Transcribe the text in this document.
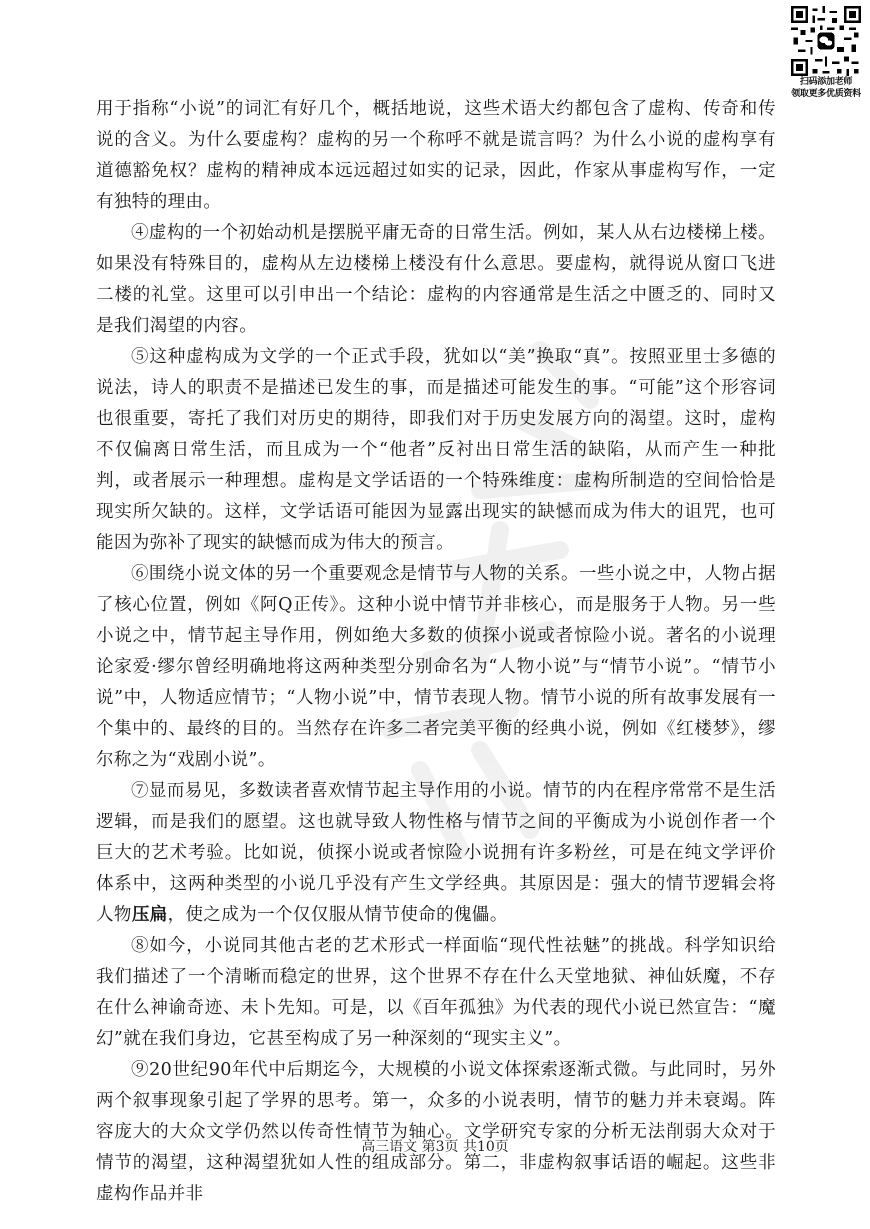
扫码添加老师
领取更多优质资料

用于指称“小说”的词汇有好几个，概括地说，这些术语大约都包含了虚构、传奇和传说的含义。为什么要虚构？虚构的另一个称呼不就是谎言吗？为什么小说的虚构享有道德豁免权？虚构的精神成本远远超过如实的记录，因此，作家从事虚构写作，一定有独特的理由。

④虚构的一个初始动机是摆脱平庸无奇的日常生活。例如，某人从右边楼梯上楼。如果没有特殊目的，虚构从左边楼梯上楼没有什么意思。要虚构，就得说从窗口飞进二楼的礼堂。这里可以引申出一个结论：虚构的内容通常是生活之中匮乏的、同时又是我们渴望的内容。

⑤这种虚构成为文学的一个正式手段，犹如以“美”换取“真”。按照亚里士多德的说法，诗人的职责不是描述已发生的事，而是描述可能发生的事。“可能”这个形容词也很重要，寄托了我们对历史的期待，即我们对于历史发展方向的渴望。这时，虚构不仅偏离日常生活，而且成为一个“他者”反衬出日常生活的缺陷，从而产生一种批判，或者展示一种理想。虚构是文学话语的一个特殊维度：虚构所制造的空间恰恰是现实所欠缺的。这样，文学话语可能因为显露出现实的缺憾而成为伟大的诅咒，也可能因为弥补了现实的缺憾而成为伟大的预言。

⑥围绕小说文体的另一个重要观念是情节与人物的关系。一些小说之中，人物占据了核心位置，例如《阿Q正传》。这种小说中情节并非核心，而是服务于人物。另一些小说之中，情节起主导作用，例如绝大多数的侦探小说或者惊险小说。著名的小说理论家爱·缪尔曾经明确地将这两种类型分别命名为“人物小说”与“情节小说”。“情节小说”中，人物适应情节；“人物小说”中，情节表现人物。情节小说的所有故事发展有一个集中的、最终的目的。当然存在许多二者完美平衡的经典小说，例如《红楼梦》，缪尔称之为“戏剧小说”。

⑦显而易见，多数读者喜欢情节起主导作用的小说。情节的内在程序常常不是生活逻辑，而是我们的愿望。这也就导致人物性格与情节之间的平衡成为小说创作者一个巨大的艺术考验。比如说，侦探小说或者惊险小说拥有许多粉丝，可是在纯文学评价体系中，这两种类型的小说几乎没有产生文学经典。其原因是：强大的情节逻辑会将人物压扁，使之成为一个仅仅服从情节使命的傀儡。

⑧如今，小说同其他古老的艺术形式一样面临“现代性祛魅”的挑战。科学知识给我们描述了一个清晰而稳定的世界，这个世界不存在什么天堂地狱、神仙妖魔，不存在什么神谕奇迹、未卜先知。可是，以《百年孤独》为代表的现代小说已然宣告：“魔幻”就在我们身边，它甚至构成了另一种深刻的“现实主义”。

⑨20世纪90年代中后期迄今，大规模的小说文体探索逐渐式微。与此同时，另外两个叙事现象引起了学界的思考。第一，众多的小说表明，情节的魅力并未衰竭。阵容庞大的大众文学仍然以传奇性情节为轴心。文学研究专家的分析无法削弱大众对于情节的渴望，这种渴望犹如人性的组成部分。第二，非虚构叙事话语的崛起。这些非虚构作品并非

高三语文 第3页 共10页
